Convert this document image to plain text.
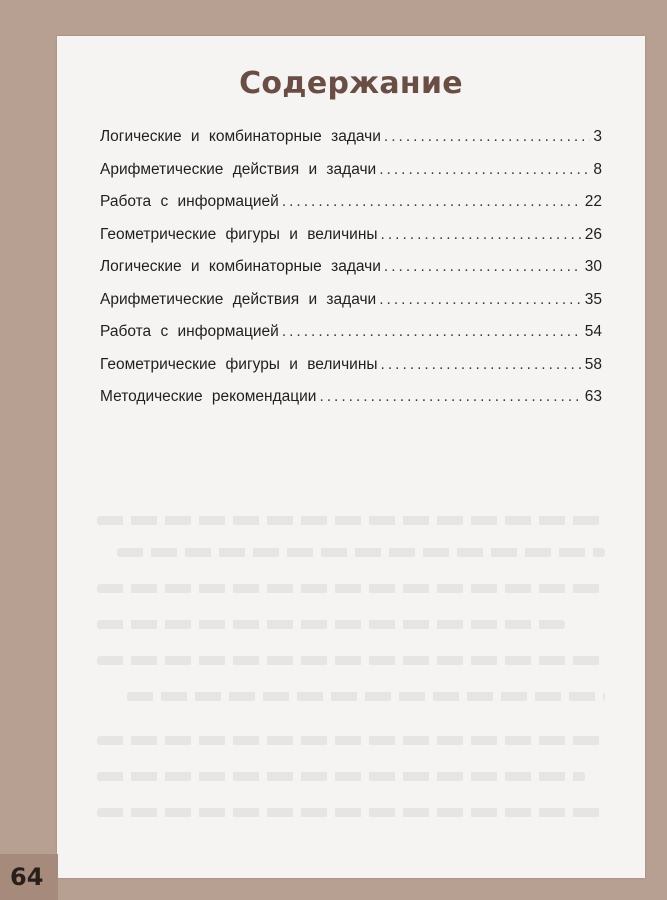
Содержание
Логические и комбинаторные задачи .....	3
Арифметические действия и задачи .....	8
Работа с информацией .....	22
Геометрические фигуры и величины .....	26
Логические и комбинаторные задачи .....	30
Арифметические действия и задачи .....	35
Работа с информацией .....	54
Геометрические фигуры и величины .....	58
Методические рекомендации .....	63
64
